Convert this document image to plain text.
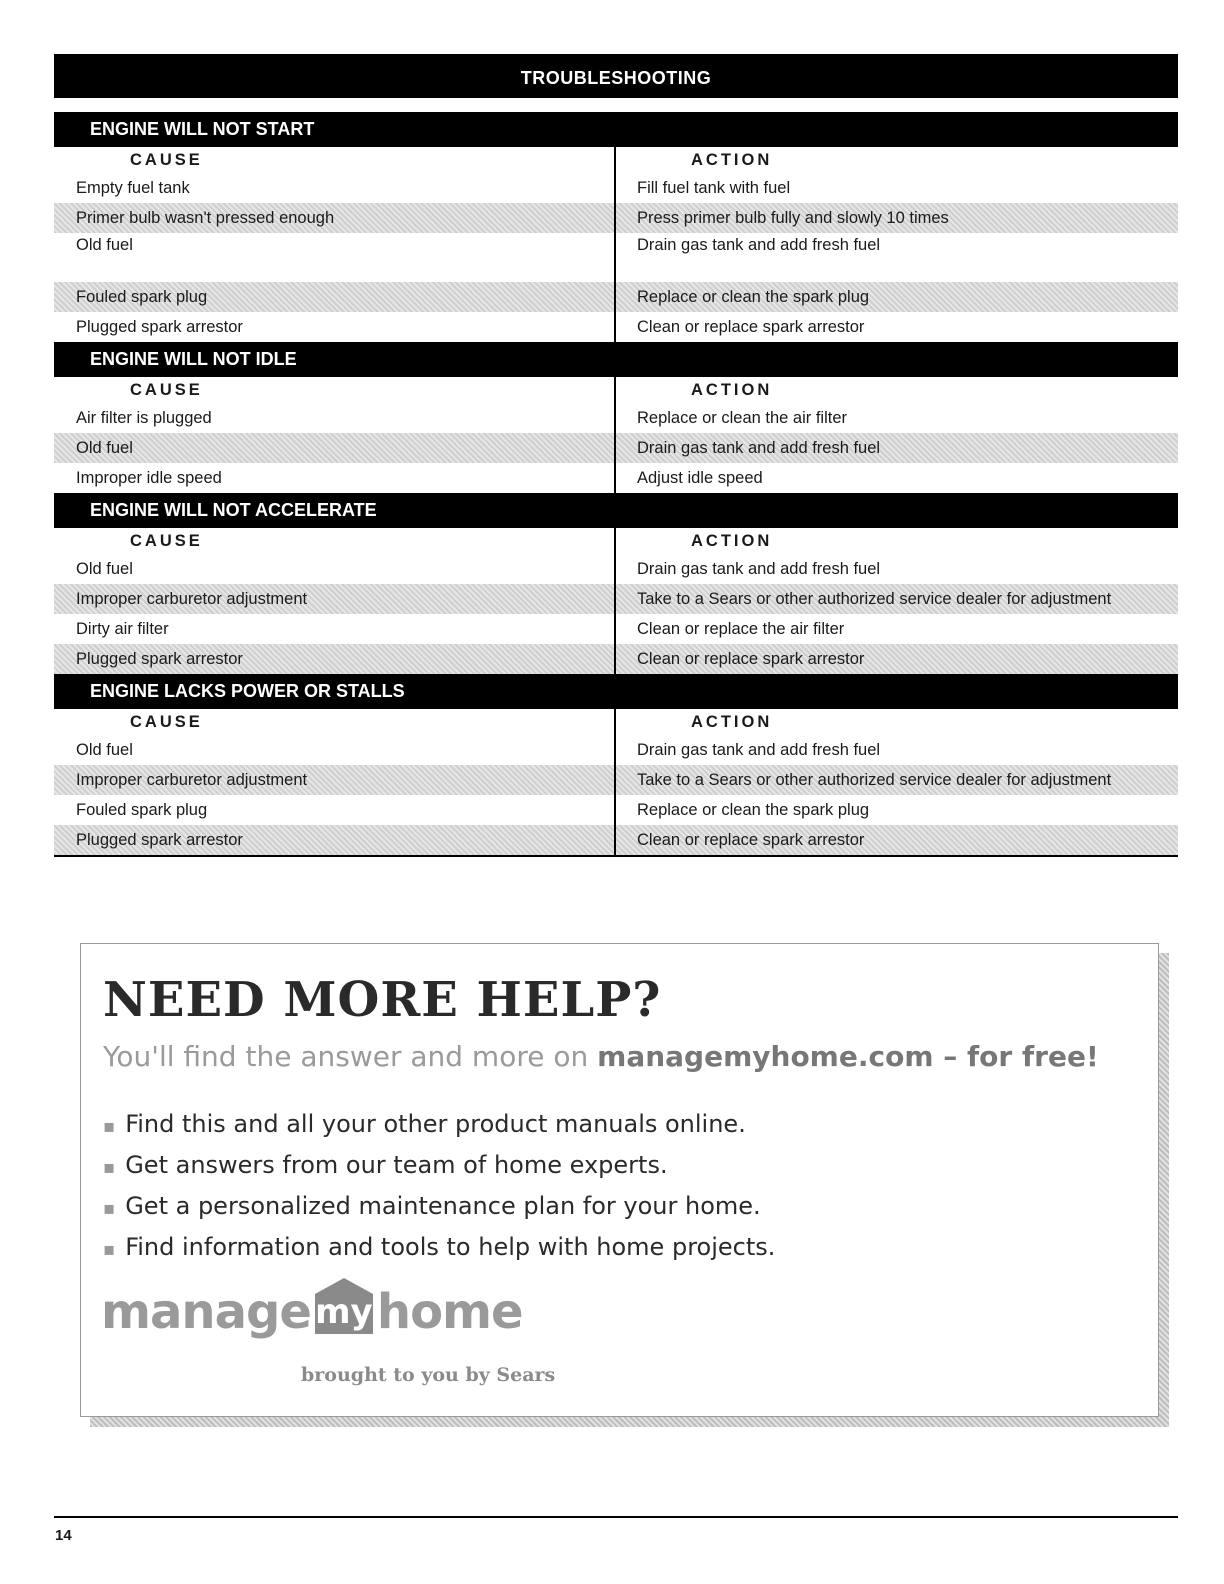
TROUBLESHOOTING
ENGINE WILL NOT START
CAUSE	ACTION
Empty fuel tank	Fill fuel tank with fuel
Primer bulb wasn't pressed enough	Press primer bulb fully and slowly 10 times
Old fuel	Drain gas tank and add fresh fuel
Fouled spark plug	Replace or clean the spark plug
Plugged spark arrestor	Clean or replace spark arrestor
ENGINE WILL NOT IDLE
CAUSE	ACTION
Air filter is plugged	Replace or clean the air filter
Old fuel	Drain gas tank and add fresh fuel
Improper idle speed	Adjust idle speed
ENGINE WILL NOT ACCELERATE
CAUSE	ACTION
Old fuel	Drain gas tank and add fresh fuel
Improper carburetor adjustment	Take to a Sears or other authorized service dealer for adjustment
Dirty air filter	Clean or replace the air filter
Plugged spark arrestor	Clean or replace spark arrestor
ENGINE LACKS POWER OR STALLS
CAUSE	ACTION
Old fuel	Drain gas tank and add fresh fuel
Improper carburetor adjustment	Take to a Sears or other authorized service dealer for adjustment
Fouled spark plug	Replace or clean the spark plug
Plugged spark arrestor	Clean or replace spark arrestor
NEED MORE HELP?
You'll find the answer and more on managemyhome.com – for free!
▪ Find this and all your other product manuals online.
▪ Get answers from our team of home experts.
▪ Get a personalized maintenance plan for your home.
▪ Find information and tools to help with home projects.
manage my home
brought to you by Sears
14
